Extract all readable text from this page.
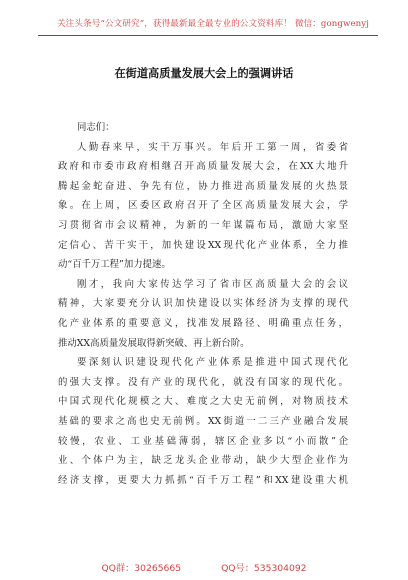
关注头条号“公文研究”，获得最新最全最专业的公文资料库！ 微信：gongwenyj
在街道高质量发展大会上的强调讲话

同志们：

人勤春来早，实干万事兴。年后开工第一周，省委省
政府和市委市政府相继召开高质量发展大会，在XX大地升
腾起金蛇奋进、争先有位，协力推进高质量发展的火热景
象。在上周，区委区政府召开了全区高质量发展大会，学
习贯彻省市会议精神，为新的一年谋篇布局，激励大家坚
定信心、苦干实干，加快建设XX现代化产业体系，全力推
动“百千万工程”加力提速。
刚才，我向大家传达学习了省市区高质量大会的会议
精神，大家要充分认识加快建设以实体经济为支撑的现代
化产业体系的重要意义，找准发展路径、明确重点任务，
推动XX高质量发展取得新突破、再上新台阶。
要深刻认识建设现代化产业体系是推进中国式现代化
的强大支撑。没有产业的现代化，就没有国家的现代化。
中国式现代化规模之大、难度之大史无前例，对物质技术
基础的要求之高也史无前例。XX街道一二三产业融合发展
较慢，农业、工业基础薄弱，辖区企业多以“小而散”企
业、个体户为主，缺乏龙头企业带动，缺少大型企业作为
经济支撑，更要大力抓抓“百千万工程”和XX建设重大机

QQ群：30265665	QQ号：535304092
